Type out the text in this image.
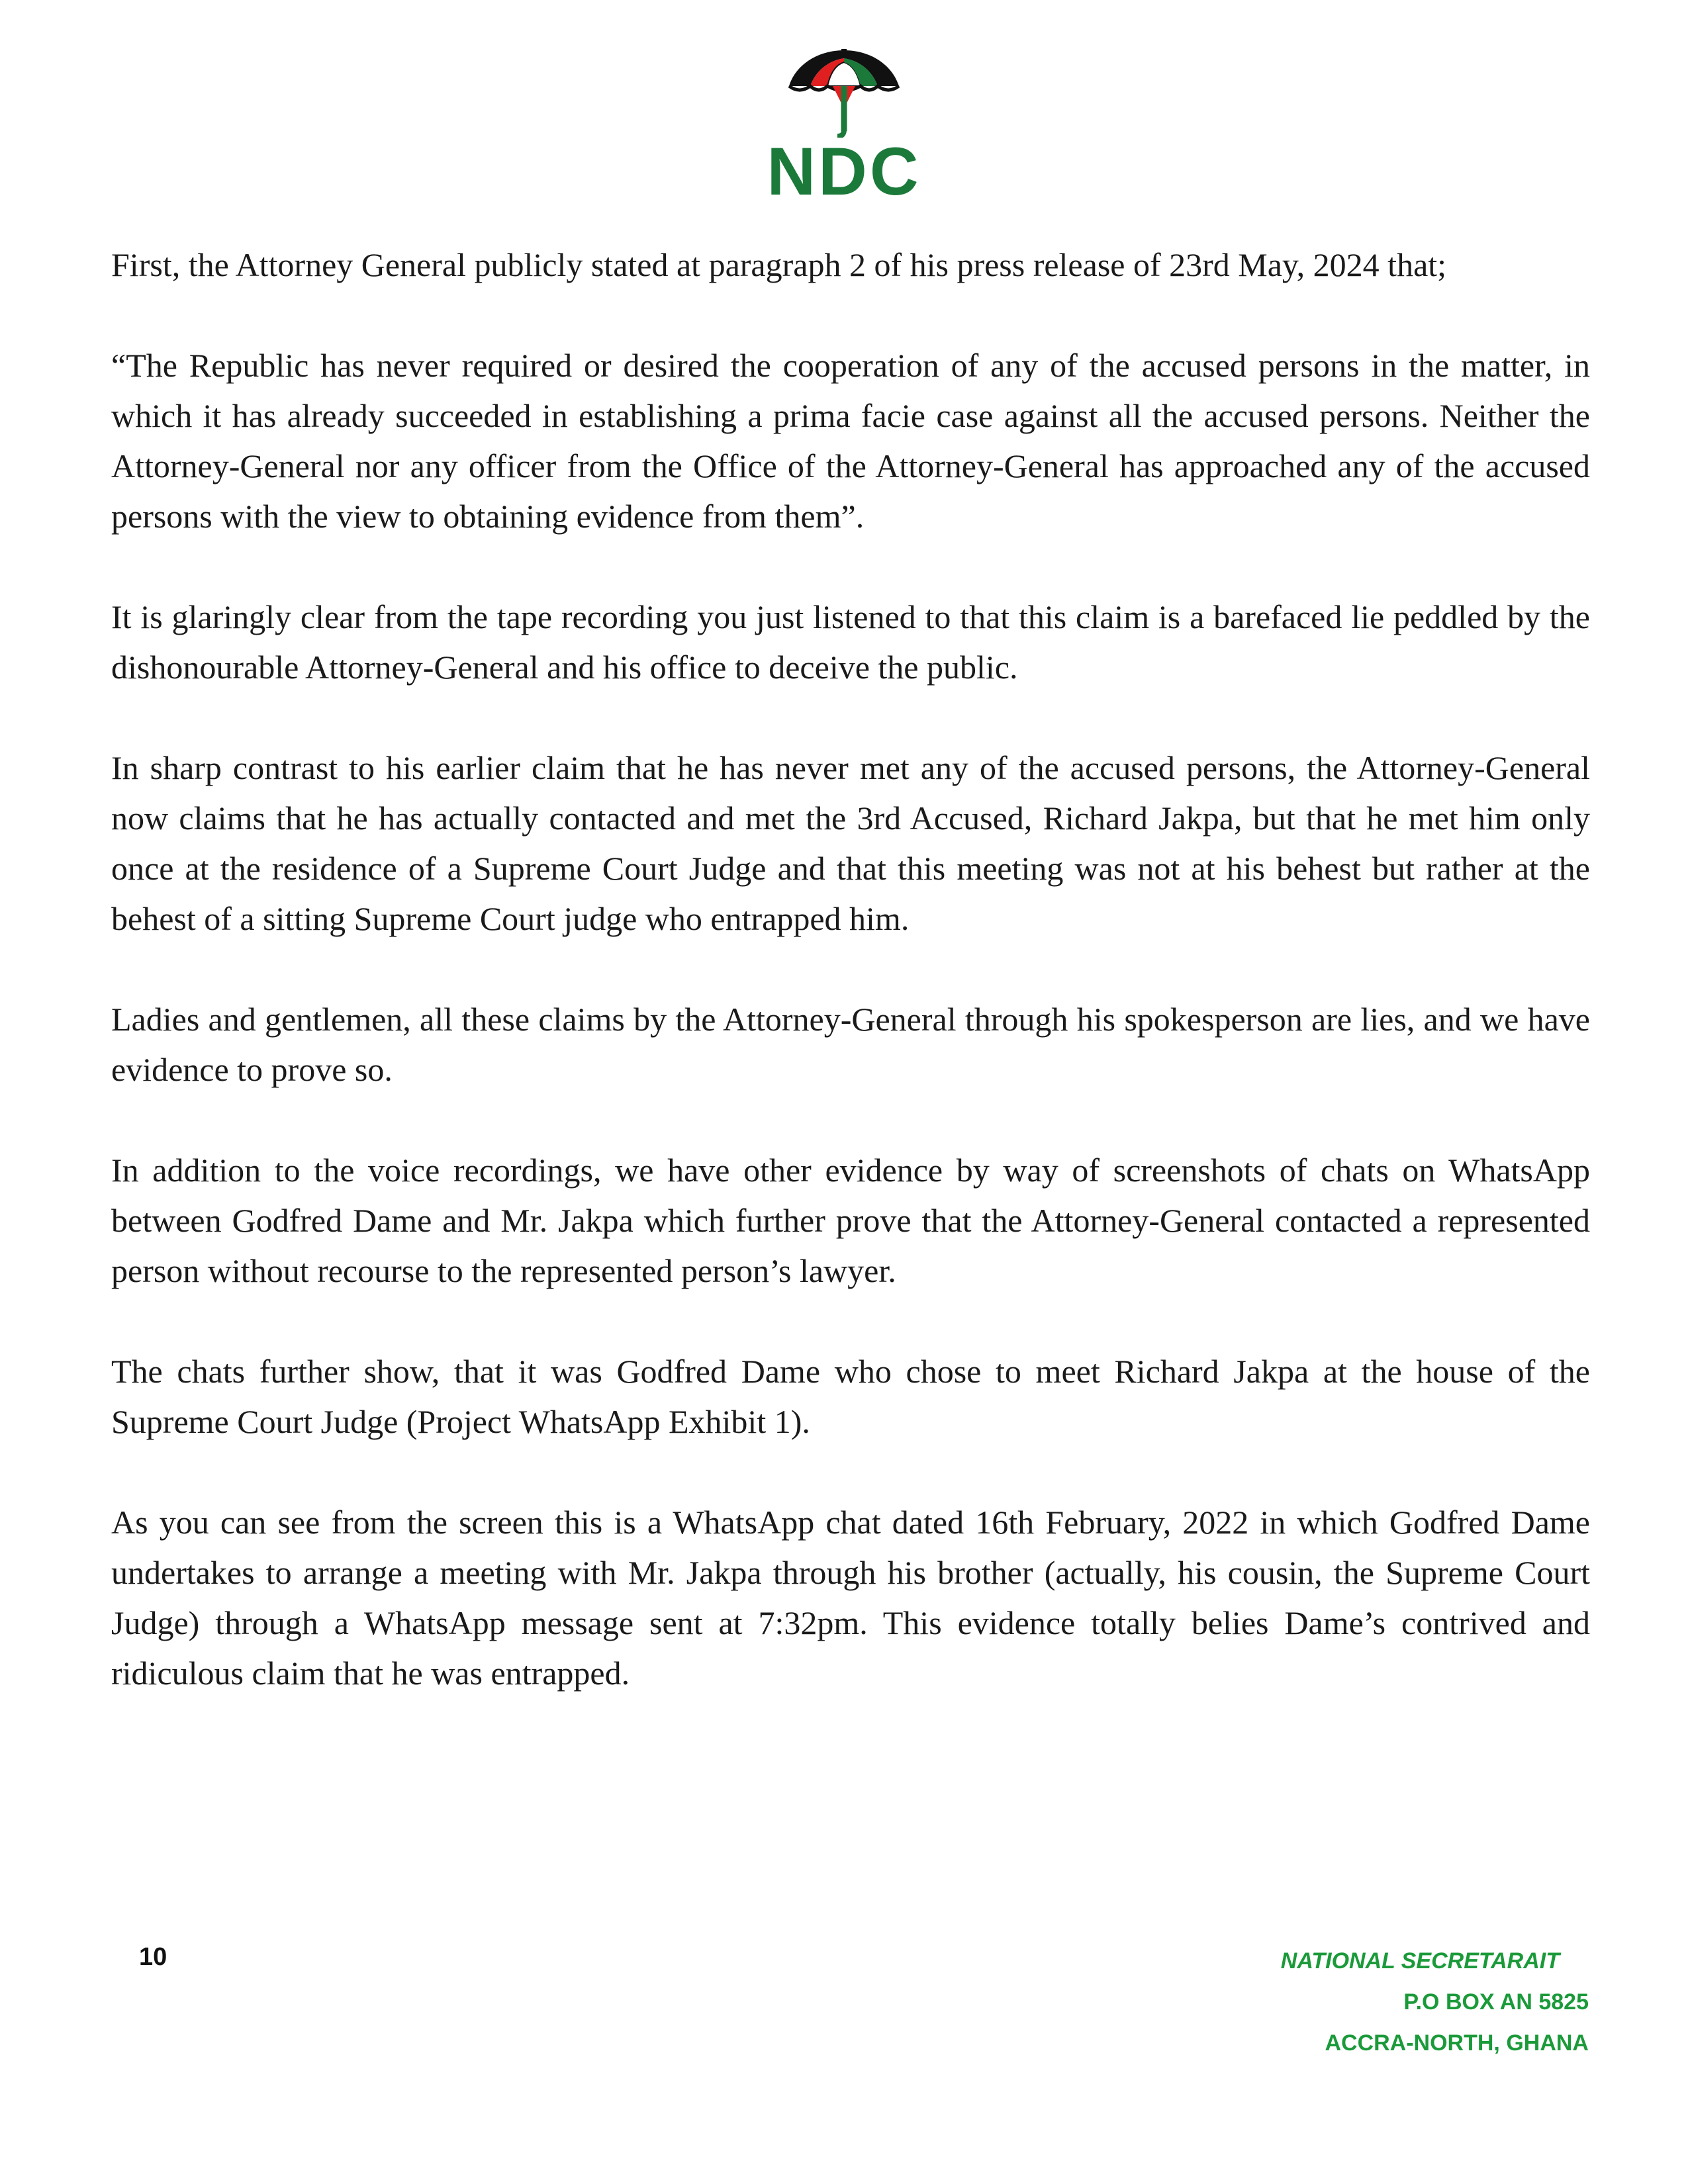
NDC

First, the Attorney General publicly stated at paragraph 2 of his press release of 23rd May, 2024 that;

“The Republic has never required or desired the cooperation of any of the accused persons in the matter, in which it has already succeeded in establishing a prima facie case against all the accused persons. Neither the Attorney-General nor any officer from the Office of the Attorney-General has approached any of the accused persons with the view to obtaining evidence from them”.

It is glaringly clear from the tape recording you just listened to that this claim is a barefaced lie peddled by the dishonourable Attorney-General and his office to deceive the public.

In sharp contrast to his earlier claim that he has never met any of the accused persons, the Attorney-General now claims that he has actually contacted and met the 3rd Accused, Richard Jakpa, but that he met him only once at the residence of a Supreme Court Judge and that this meeting was not at his behest but rather at the behest of a sitting Supreme Court judge who entrapped him.

Ladies and gentlemen, all these claims by the Attorney-General through his spokesperson are lies, and we have evidence to prove so.

In addition to the voice recordings, we have other evidence by way of screenshots of chats on WhatsApp between Godfred Dame and Mr. Jakpa which further prove that the Attorney-General contacted a represented person without recourse to the represented person’s lawyer.

The chats further show, that it was Godfred Dame who chose to meet Richard Jakpa at the house of the Supreme Court Judge (Project WhatsApp Exhibit 1).

As you can see from the screen this is a WhatsApp chat dated 16th February, 2022 in which Godfred Dame undertakes to arrange a meeting with Mr. Jakpa through his brother (actually, his cousin, the Supreme Court Judge) through a WhatsApp message sent at 7:32pm. This evidence totally belies Dame’s contrived and ridiculous claim that he was entrapped.

10	NATIONAL SECRETARAIT
P.O BOX AN 5825
ACCRA-NORTH, GHANA
